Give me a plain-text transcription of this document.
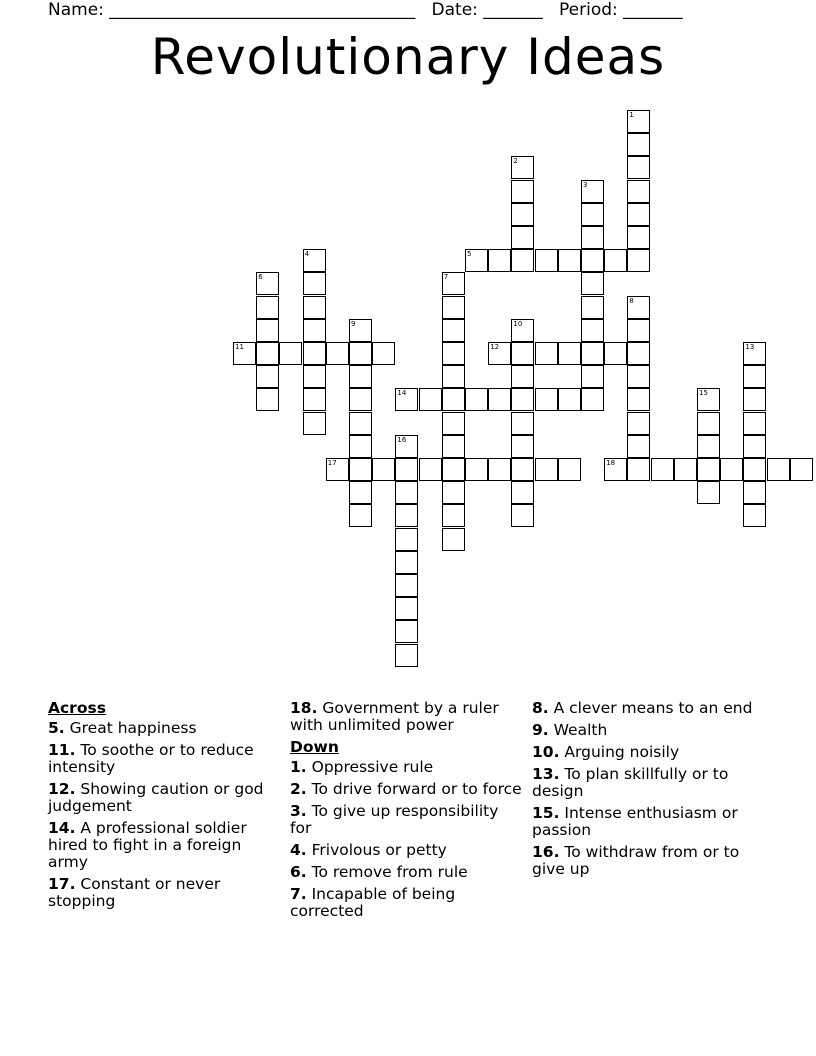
Name: ____________________________________ Date: _______ Period: _______
Revolutionary Ideas
1
2
3
4	5
6	7
8
9	10
11	12	13
14	15
16
17	18
Across
5. Great happiness
11. To soothe or to reduce intensity
12. Showing caution or god judgement
14. A professional soldier hired to fight in a foreign army
17. Constant or never stopping
18. Government by a ruler with unlimited power
Down
1. Oppressive rule
2. To drive forward or to force
3. To give up responsibility for
4. Frivolous or petty
6. To remove from rule
7. Incapable of being corrected
8. A clever means to an end
9. Wealth
10. Arguing noisily
13. To plan skillfully or to design
15. Intense enthusiasm or passion
16. To withdraw from or to give up
